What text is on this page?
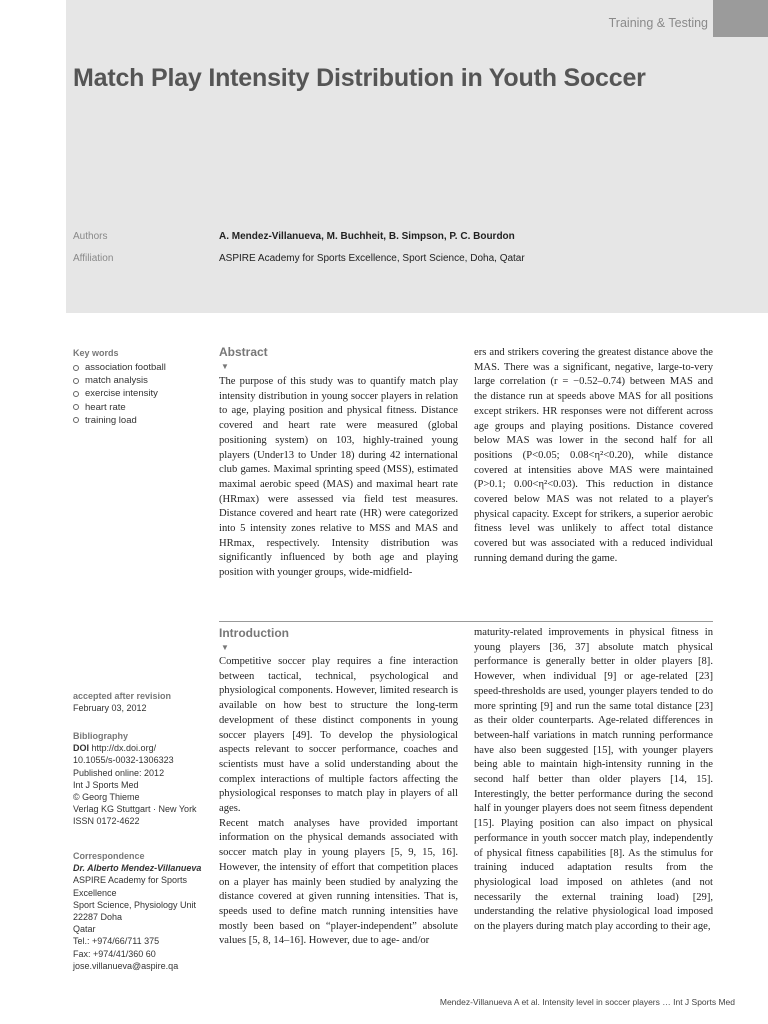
Training & Testing
Match Play Intensity Distribution in Youth Soccer
Authors	A. Mendez-Villanueva, M. Buchheit, B. Simpson, P. C. Bourdon
Affiliation	ASPIRE Academy for Sports Excellence, Sport Science, Doha, Qatar
Key words
association football
match analysis
exercise intensity
heart rate
training load
accepted after revision
February 03, 2012
Bibliography
DOI http://dx.doi.org/
10.1055/s-0032-1306323
Published online: 2012
Int J Sports Med
© Georg Thieme
Verlag KG Stuttgart · New York
ISSN 0172-4622
Correspondence
Dr. Alberto Mendez-Villanueva
ASPIRE Academy for Sports
Excellence
Sport Science, Physiology Unit
22287 Doha
Qatar
Tel.: +974/66/711 375
Fax: +974/41/360 60
jose.villanueva@aspire.qa
Abstract
▼

The purpose of this study was to quantify match play intensity distribution in young soccer players in relation to age, playing position and physical fitness. Distance covered and heart rate were measured (global positioning system) on 103, highly-trained young players (Under13 to Under 18) during 42 international club games. Maximal sprinting speed (MSS), estimated maximal aerobic speed (MAS) and maximal heart rate (HRmax) were assessed via field test measures. Distance covered and heart rate (HR) were categorized into 5 intensity zones relative to MSS and MAS and HRmax, respectively. Intensity distribution was significantly influenced by both age and playing position with younger groups, wide-midfield-

ers and strikers covering the greatest distance above the MAS. There was a significant, negative, large-to-very large correlation (r = −0.52–0.74) between MAS and the distance run at speeds above MAS for all positions except strikers. HR responses were not different across age groups and playing positions. Distance covered below MAS was lower in the second half for all positions (P<0.05; 0.08<η²<0.20), while distance covered at intensities above MAS were maintained (P>0.1; 0.00<η²<0.03). This reduction in distance covered below MAS was not related to a player's physical capacity. Except for strikers, a superior aerobic fitness level was unlikely to affect total distance covered but was associated with a reduced individual running demand during the game.

Introduction
▼

Competitive soccer play requires a fine interaction between tactical, technical, psychological and physiological components. However, limited research is available on how best to structure the long-term development of these distinct components in young soccer players [49]. To develop the physiological aspects relevant to soccer performance, coaches and scientists must have a solid understanding about the complex interactions of multiple factors affecting the physiological responses to match play in players of all ages.

Recent match analyses have provided important information on the physical demands associated with soccer match play in young players [5, 9, 15, 16]. However, the intensity of effort that competition places on a player has mainly been studied by analyzing the distance covered at given running intensities. That is, speeds used to define match running intensities have mostly been based on “player-independent” absolute values [5, 8, 14–16]. However, due to age- and/or

maturity-related improvements in physical fitness in young players [36, 37] absolute match physical performance is generally better in older players [8]. However, when individual [9] or age-related [23] speed-thresholds are used, younger players tended to do more sprinting [9] and run the same total distance [23] as their older counterparts. Age-related differences in between-half variations in match running performance have also been suggested [15], with younger players being able to maintain high-intensity running in the second half better than older players [14, 15]. Interestingly, the better performance during the second half in younger players does not seem fitness dependent [15]. Playing position can also impact on physical performance in youth soccer match play, independently of physical fitness capabilities [8]. As the stimulus for training induced adaptation results from the physiological load imposed on athletes (and not necessarily the external training load) [29], understanding the relative physiological load imposed on the players during match play according to their age,

Mendez-Villanueva A et al. Intensity level in soccer players … Int J Sports Med
